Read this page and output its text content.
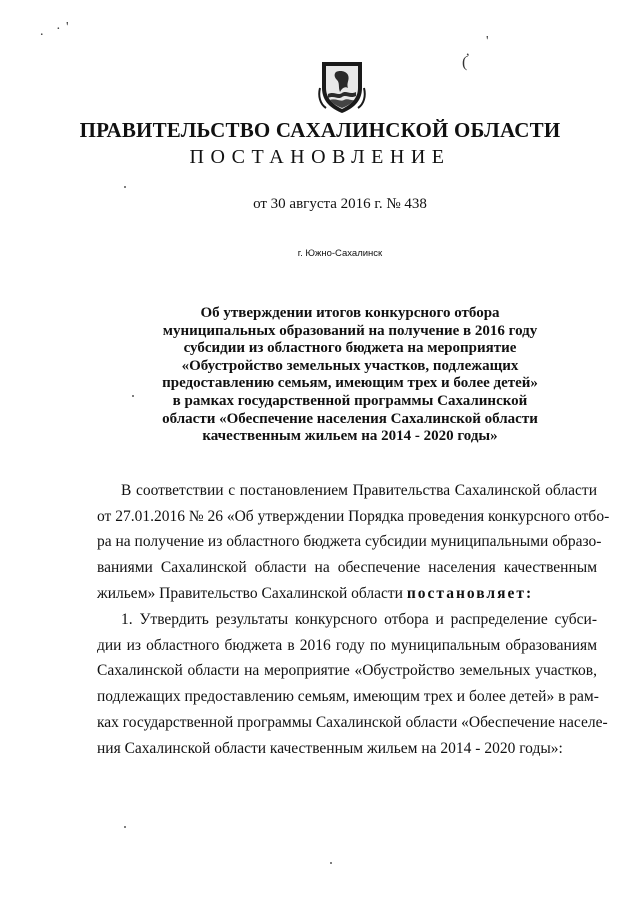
. · '
,
'
(
ПРАВИТЕЛЬСТВО САХАЛИНСКОЙ ОБЛАСТИ
ПОСТАНОВЛЕНИЕ
от 30 августа 2016 г. № 438
г. Южно-Сахалинск
Об утверждении итогов конкурсного отбора
муниципальных образований на получение в 2016 году
субсидии из областного бюджета на мероприятие
«Обустройство земельных участков, подлежащих
предоставлению семьям, имеющим трех и более детей»
в рамках государственной программы Сахалинской
области «Обеспечение населения Сахалинской области
качественным жильем на 2014 - 2020 годы»
В соответствии с постановлением Правительства Сахалинской области
от 27.01.2016 № 26 «Об утверждении Порядка проведения конкурсного отбо-
ра на получение из областного бюджета субсидии муниципальными образо-
ваниями Сахалинской области на обеспечение населения качественным
жильем» Правительство Сахалинской области постановляет:
1. Утвердить результаты конкурсного отбора и распределение субси-
дии из областного бюджета в 2016 году по муниципальным образованиям
Сахалинской области на мероприятие «Обустройство земельных участков,
подлежащих предоставлению семьям, имеющим трех и более детей» в рам-
ках государственной программы Сахалинской области «Обеспечение населе-
ния Сахалинской области качественным жильем на 2014 - 2020 годы»:
